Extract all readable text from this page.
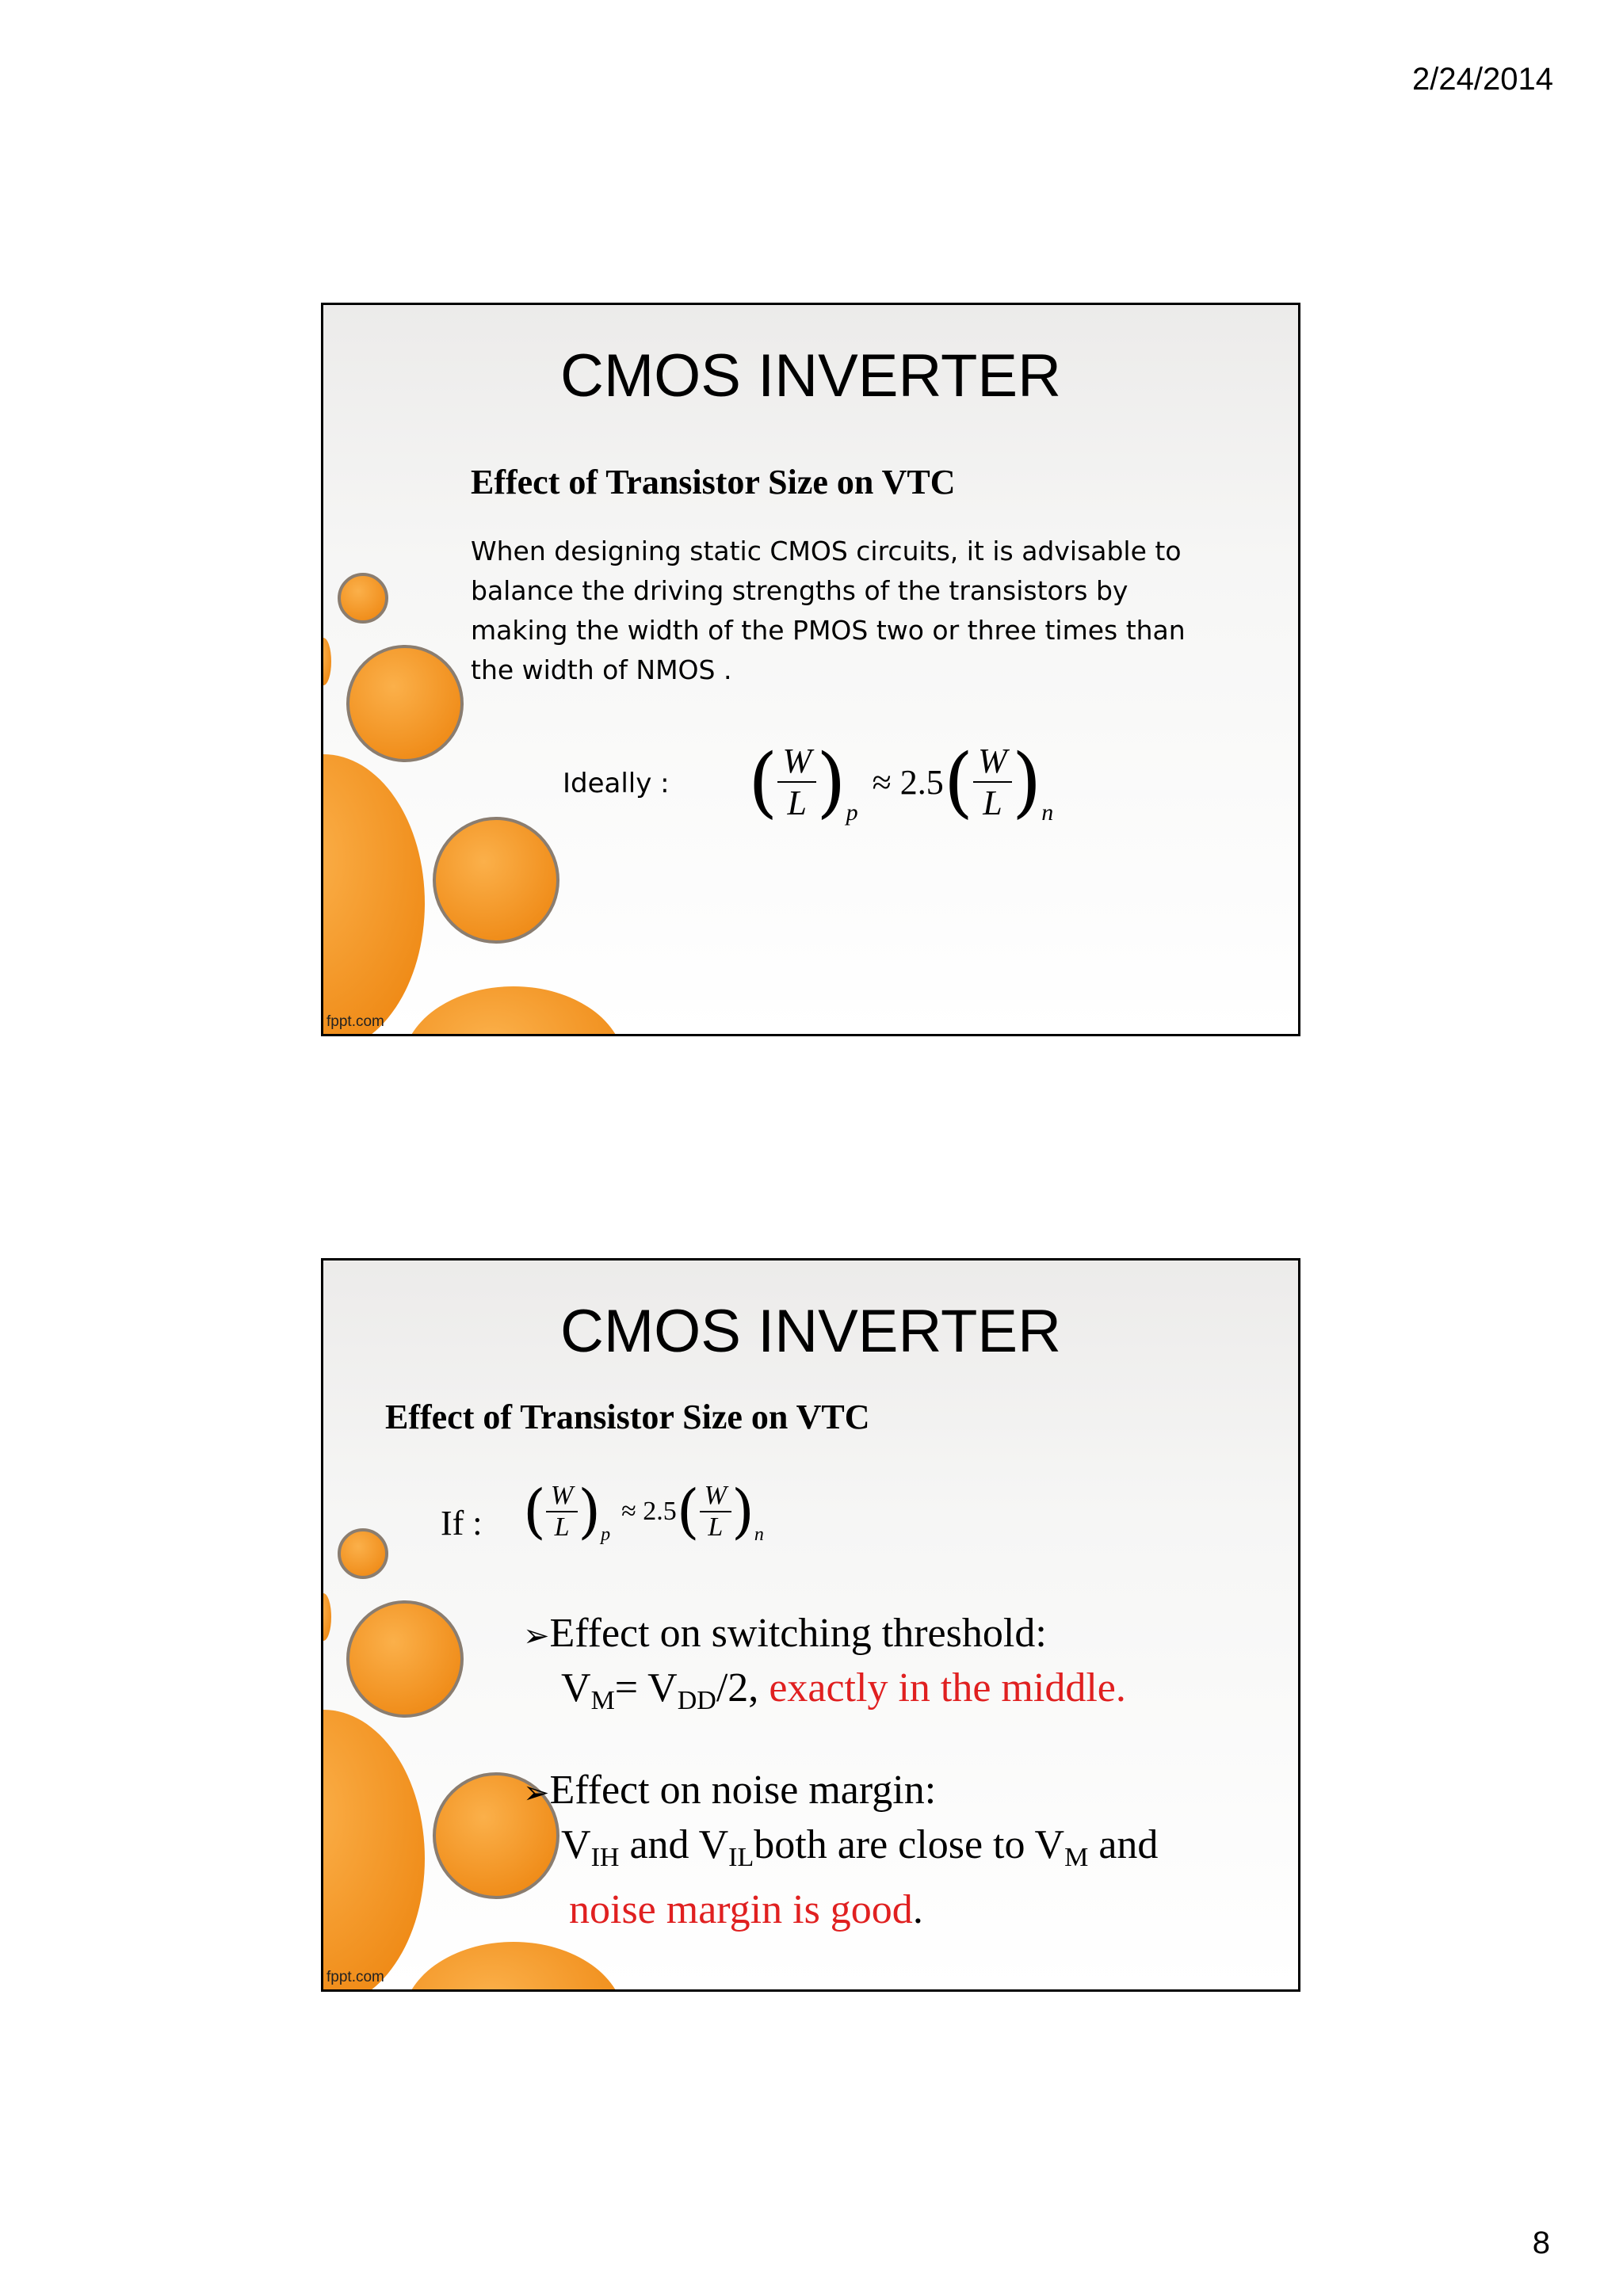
2/24/2014
CMOS INVERTER
Effect of Transistor Size on VTC
When designing static CMOS circuits, it is advisable to balance the driving strengths of the transistors by making the width of the PMOS two or three times than the width of NMOS .
Ideally : ( $\frac{W}{L}$ ) p
≈ 2.5 ( $\frac{W}{L}$ ) n
fppt.com
CMOS INVERTER
Effect of Transistor Size on VTC
If : ( $\frac{W}{L}$ ) p
≈ 2.5 ( $\frac{W}{L}$ ) n
➢Effect on switching threshold:
$V_M= V_{DD}/2$, exactly in the middle.
➢Effect on noise margin:
$V_{IH}$ and $V_{IL}both$ are close to $V_M$ and
noise margin is good.
fppt.com
8
